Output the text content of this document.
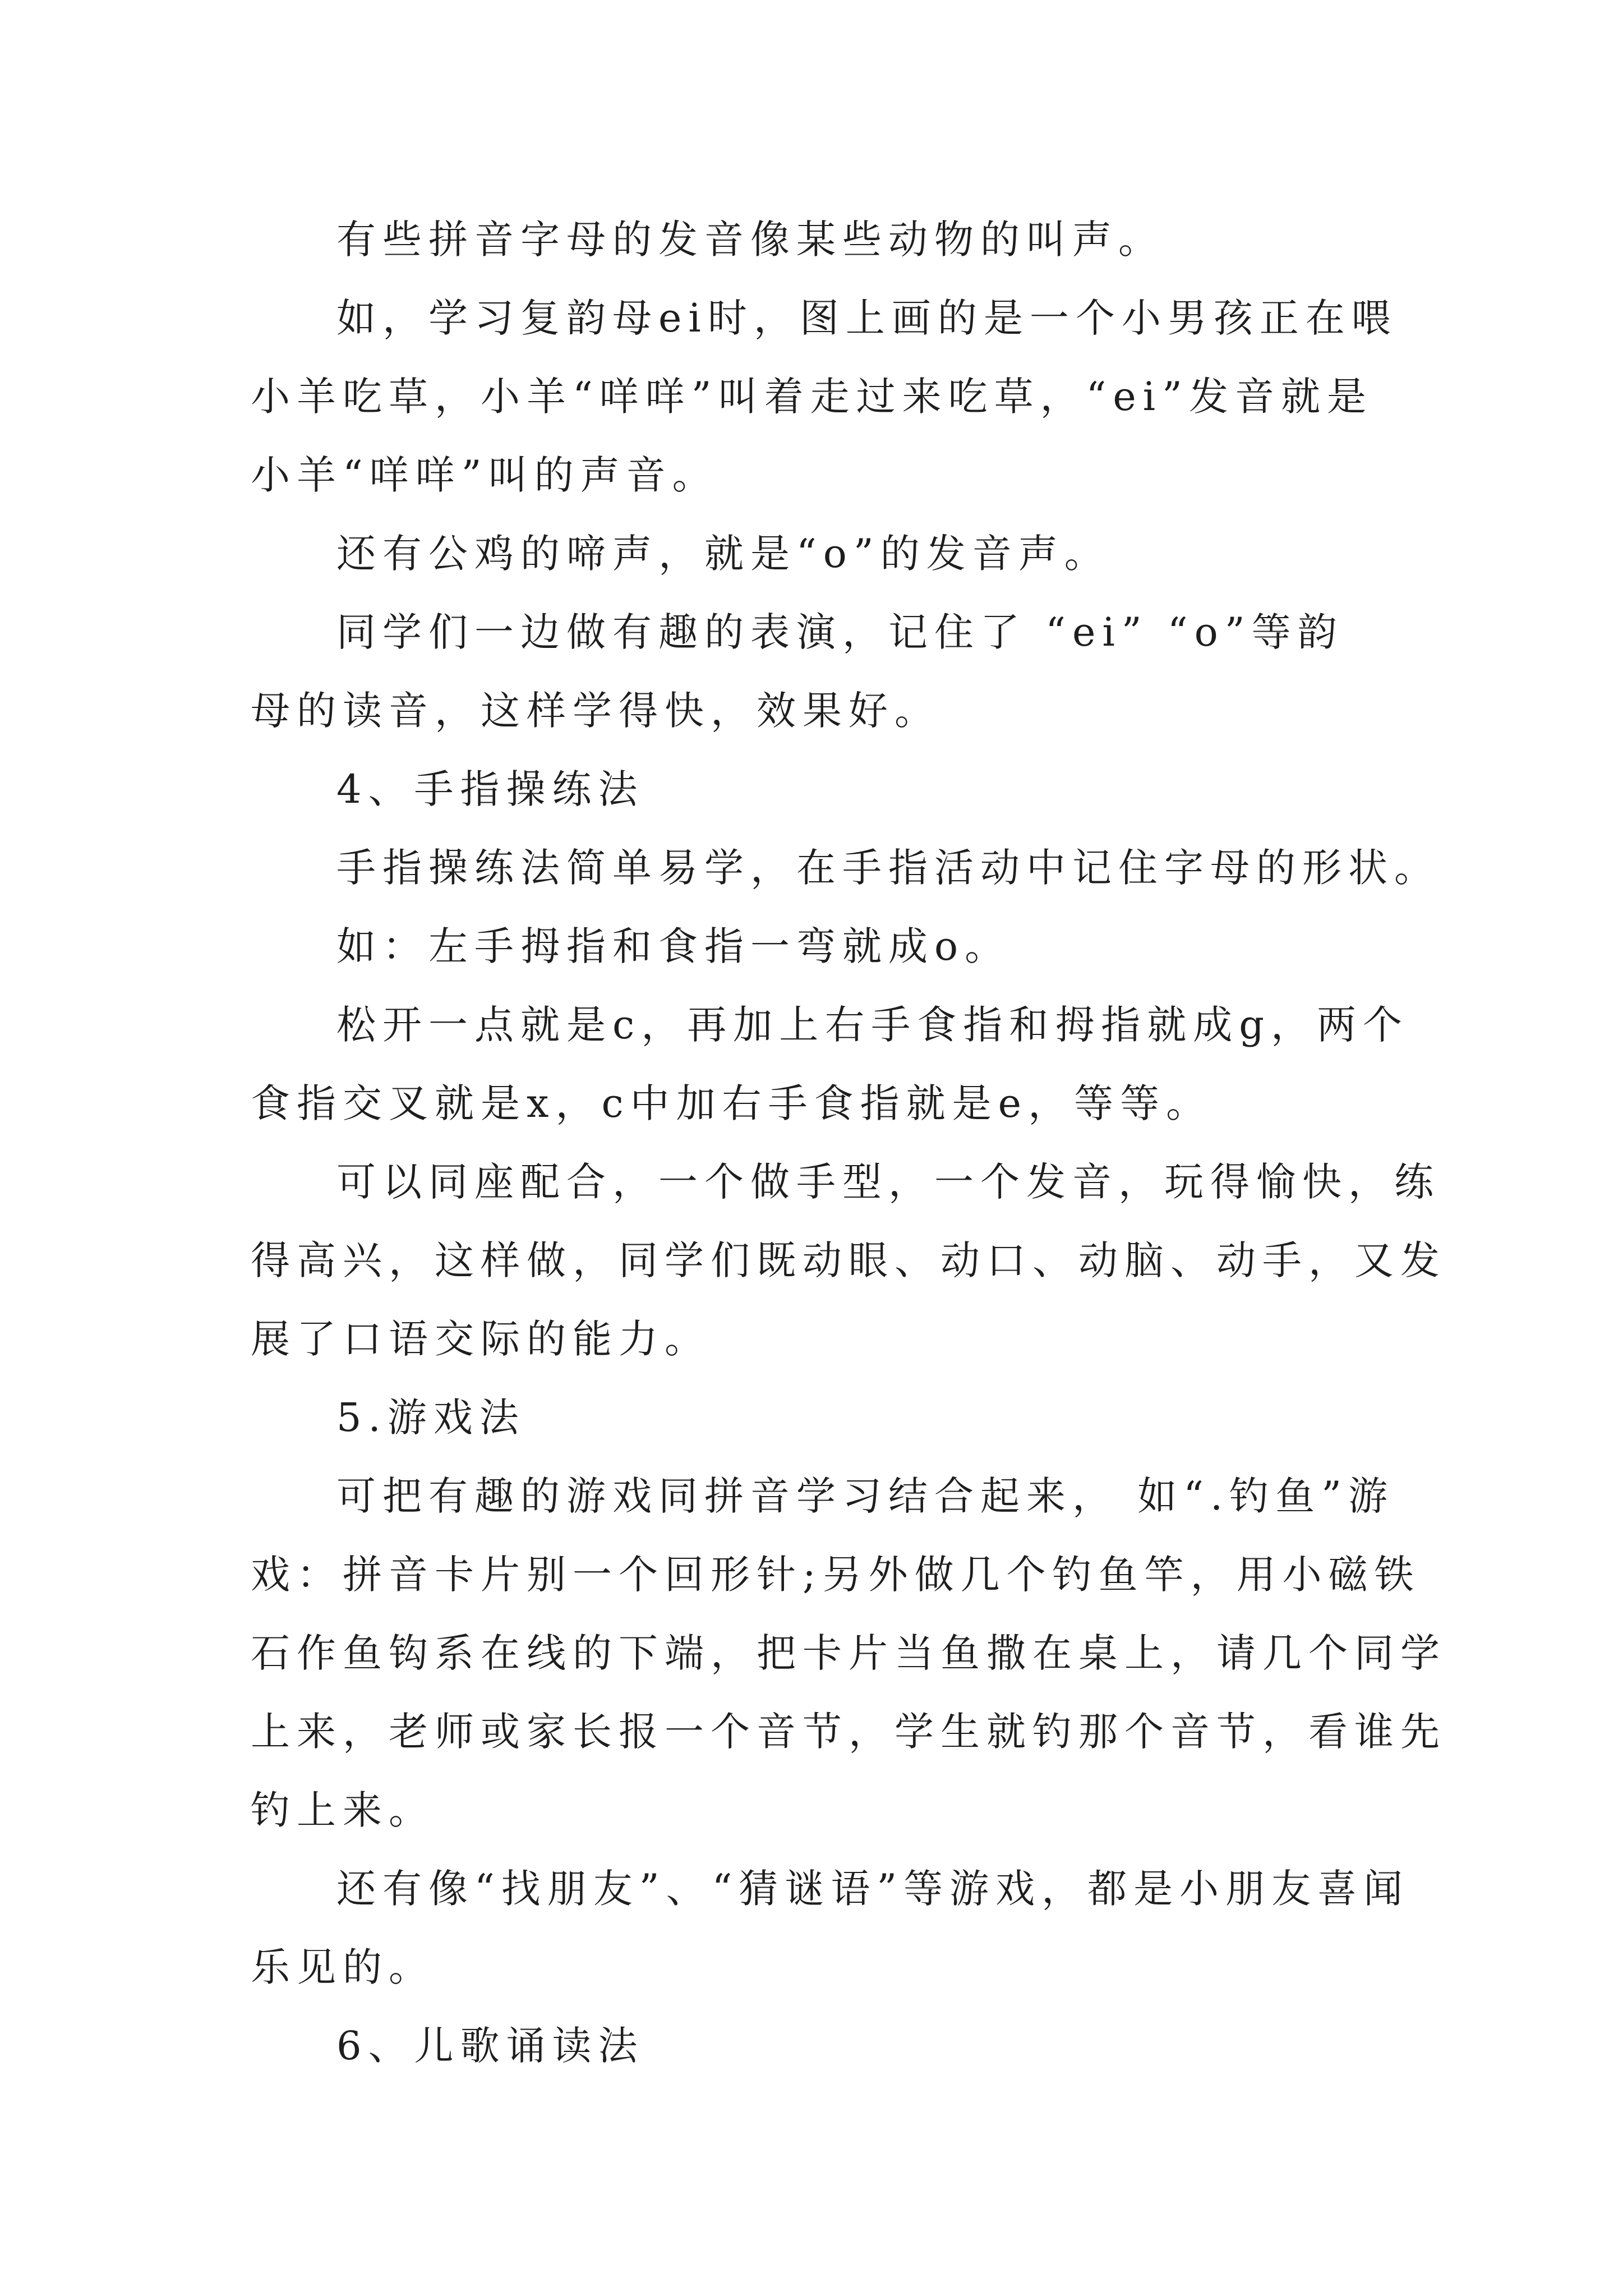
有些拼音字母的发音像某些动物的叫声。
如，学习复韵母ei时，图上画的是一个小男孩正在喂
小羊吃草，小羊“咩咩”叫着走过来吃草，“ei”发音就是
小羊“咩咩”叫的声音。
还有公鸡的啼声，就是“o”的发音声。
同学们一边做有趣的表演，记住了 “ei” “o”等韵
母的读音，这样学得快，效果好。
4、手指操练法
手指操练法简单易学，在手指活动中记住字母的形状。
如：左手拇指和食指一弯就成o。
松开一点就是c，再加上右手食指和拇指就成g，两个
食指交叉就是x，c中加右手食指就是e，等等。
可以同座配合，一个做手型，一个发音，玩得愉快，练
得高兴，这样做，同学们既动眼、动口、动脑、动手，又发
展了口语交际的能力。
5.游戏法
可把有趣的游戏同拼音学习结合起来， 如“.钓鱼”游
戏：拼音卡片别一个回形针;另外做几个钓鱼竿，用小磁铁
石作鱼钩系在线的下端，把卡片当鱼撒在桌上，请几个同学
上来，老师或家长报一个音节，学生就钓那个音节，看谁先
钓上来。
还有像“找朋友”、“猜谜语”等游戏，都是小朋友喜闻
乐见的。
6、儿歌诵读法
